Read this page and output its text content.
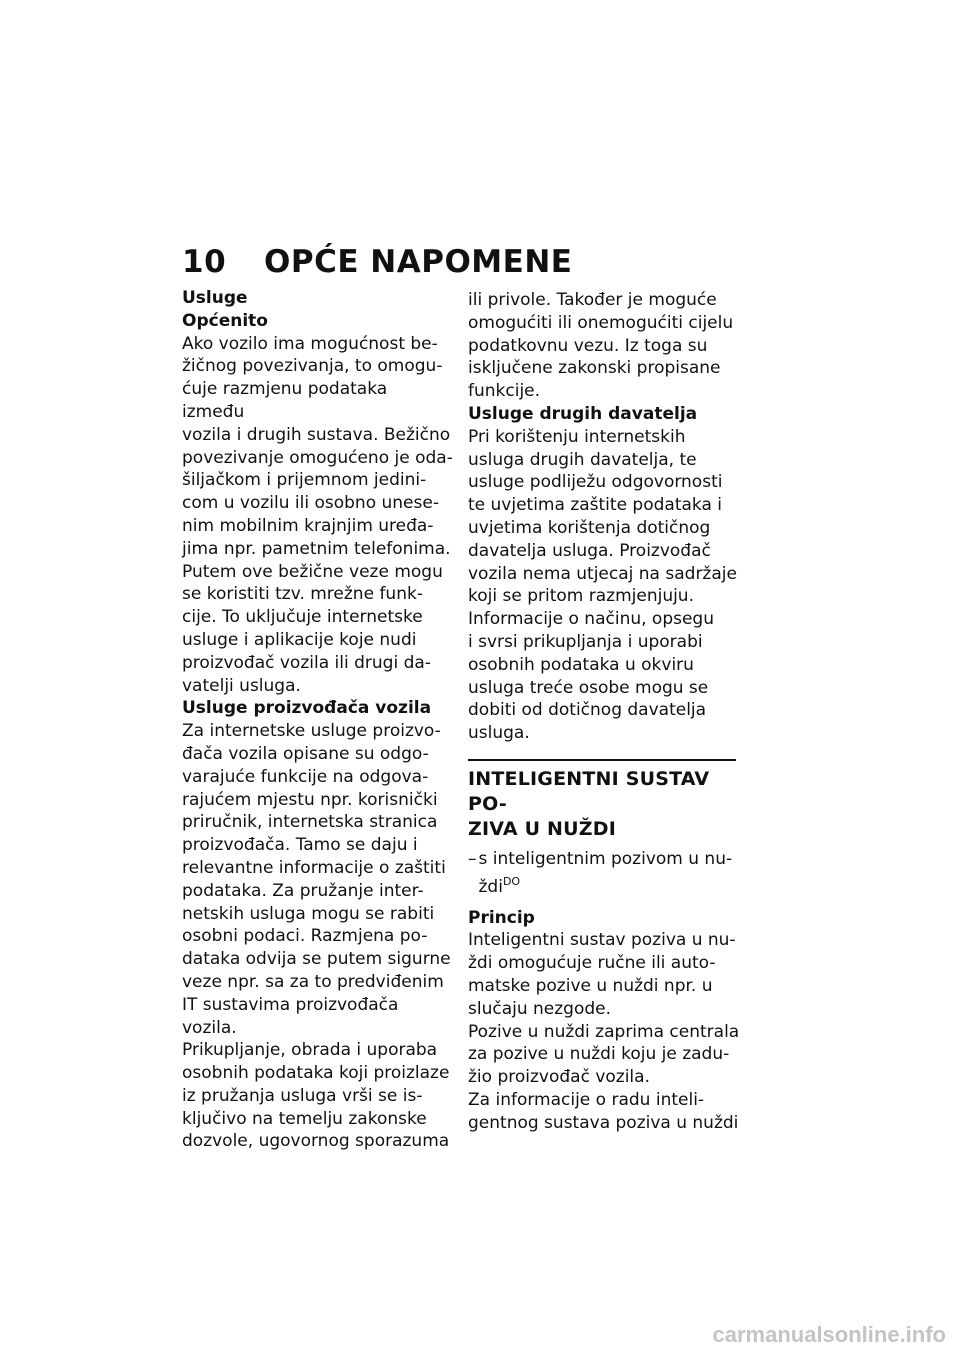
10 OPĆE NAPOMENE
Usluge
Općenito

Ako vozilo ima mogućnost be-
žičnog povezivanja, to omogu-
ćuje razmjenu podataka između
vozila i drugih sustava. Bežično
povezivanje omogućeno je oda-
šiljačkom i prijemnom jedini-
com u vozilu ili osobno unese-
nim mobilnim krajnjim uređa-
jima npr. pametnim telefonima.
Putem ove bežične veze mogu
se koristiti tzv. mrežne funk-
cije. To uključuje internetske
usluge i aplikacije koje nudi
proizvođač vozila ili drugi da-
vatelji usluga.

Usluge proizvođača vozila

Za internetske usluge proizvo-
đača vozila opisane su odgo-
varajuće funkcije na odgova-
rajućem mjestu npr. korisnički
priručnik, internetska stranica
proizvođača. Tamo se daju i
relevantne informacije o zaštiti
podataka. Za pružanje inter-
netskih usluga mogu se rabiti
osobni podaci. Razmjena po-
dataka odvija se putem sigurne
veze npr. sa za to predviđenim
IT sustavima proizvođača vozila.

Prikupljanje, obrada i uporaba
osobnih podataka koji proizlaze
iz pružanja usluga vrši se is-
ključivo na temelju zakonske
dozvole, ugovornog sporazuma

ili privole. Također je moguće
omogućiti ili onemogućiti cijelu
podatkovnu vezu. Iz toga su
isključene zakonski propisane
funkcije.

Usluge drugih davatelja

Pri korištenju internetskih
usluga drugih davatelja, te
usluge podliježu odgovornosti
te uvjetima zaštite podataka i
uvjetima korištenja dotičnog
davatelja usluga. Proizvođač
vozila nema utjecaj na sadržaje
koji se pritom razmjenjuju.

Informacije o načinu, opsegu
i svrsi prikupljanja i uporabi
osobnih podataka u okviru
usluga treće osobe mogu se
dobiti od dotičnog davatelja
usluga.

INTELIGENTNI SUSTAV PO-
ZIVA U NUŽDI
– s inteligentnim pozivom u nu-
ždi$^{DO}$
Princip

Inteligentni sustav poziva u nu-
ždi omogućuje ručne ili auto-
matske pozive u nuždi npr. u
slučaju nezgode.

Pozive u nuždi zaprima centrala
za pozive u nuždi koju je zadu-
žio proizvođač vozila.

Za informacije o radu inteli-
gentnog sustava poziva u nuždi

carmanualsonline.info
